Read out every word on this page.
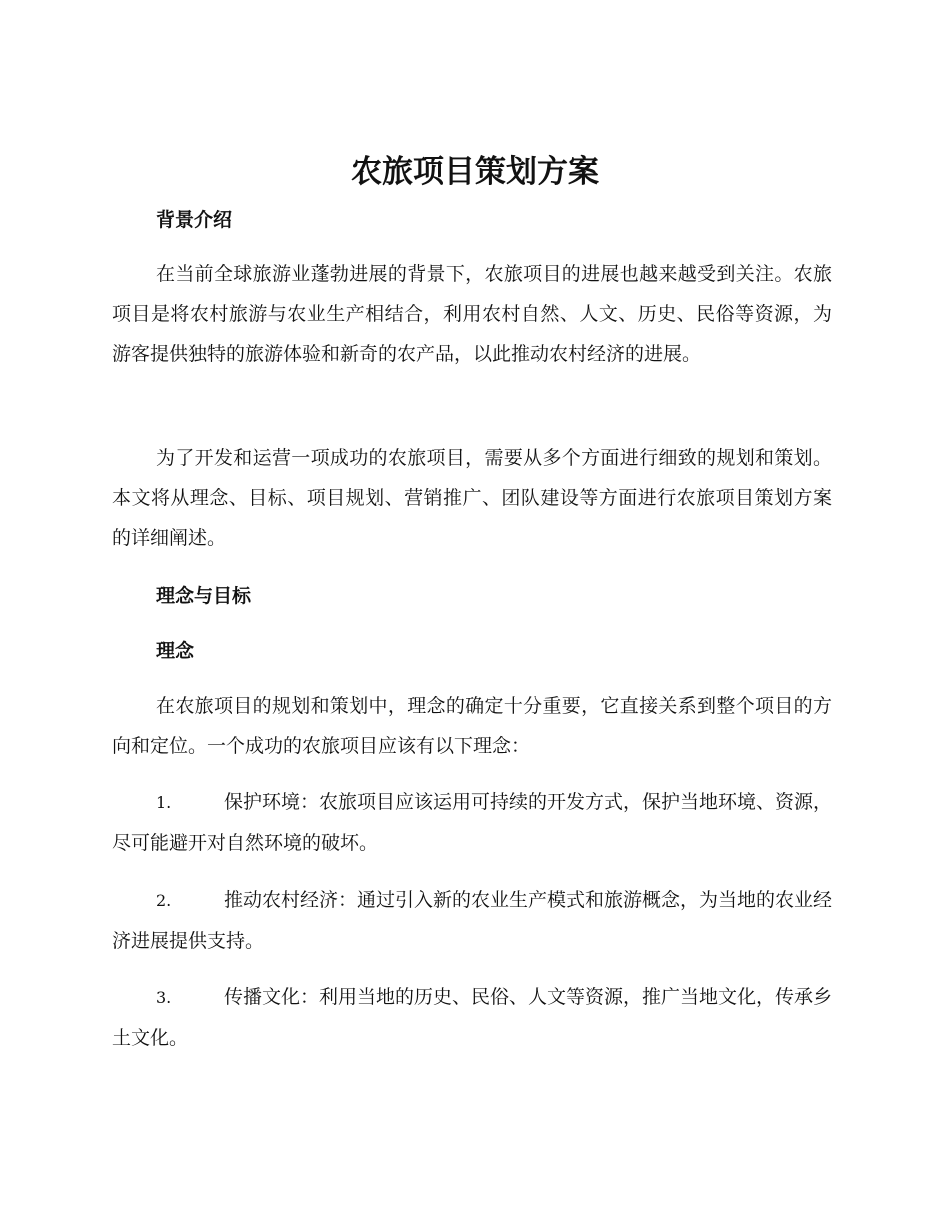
农旅项目策划方案
背景介绍

在当前全球旅游业蓬勃进展的背景下，农旅项目的进展也越来越受到关注。农旅项目是将农村旅游与农业生产相结合，利用农村自然、人文、历史、民俗等资源，为游客提供独特的旅游体验和新奇的农产品，以此推动农村经济的进展。

为了开发和运营一项成功的农旅项目，需要从多个方面进行细致的规划和策划。本文将从理念、目标、项目规划、营销推广、团队建设等方面进行农旅项目策划方案的详细阐述。

理念与目标
理念

在农旅项目的规划和策划中，理念的确定十分重要，它直接关系到整个项目的方向和定位。一个成功的农旅项目应该有以下理念：

1.	保护环境：农旅项目应该运用可持续的开发方式，保护当地环境、资源，尽可能避开对自然环境的破坏。

2.	推动农村经济：通过引入新的农业生产模式和旅游概念，为当地的农业经济进展提供支持。

3.	传播文化：利用当地的历史、民俗、人文等资源，推广当地文化，传承乡土文化。
